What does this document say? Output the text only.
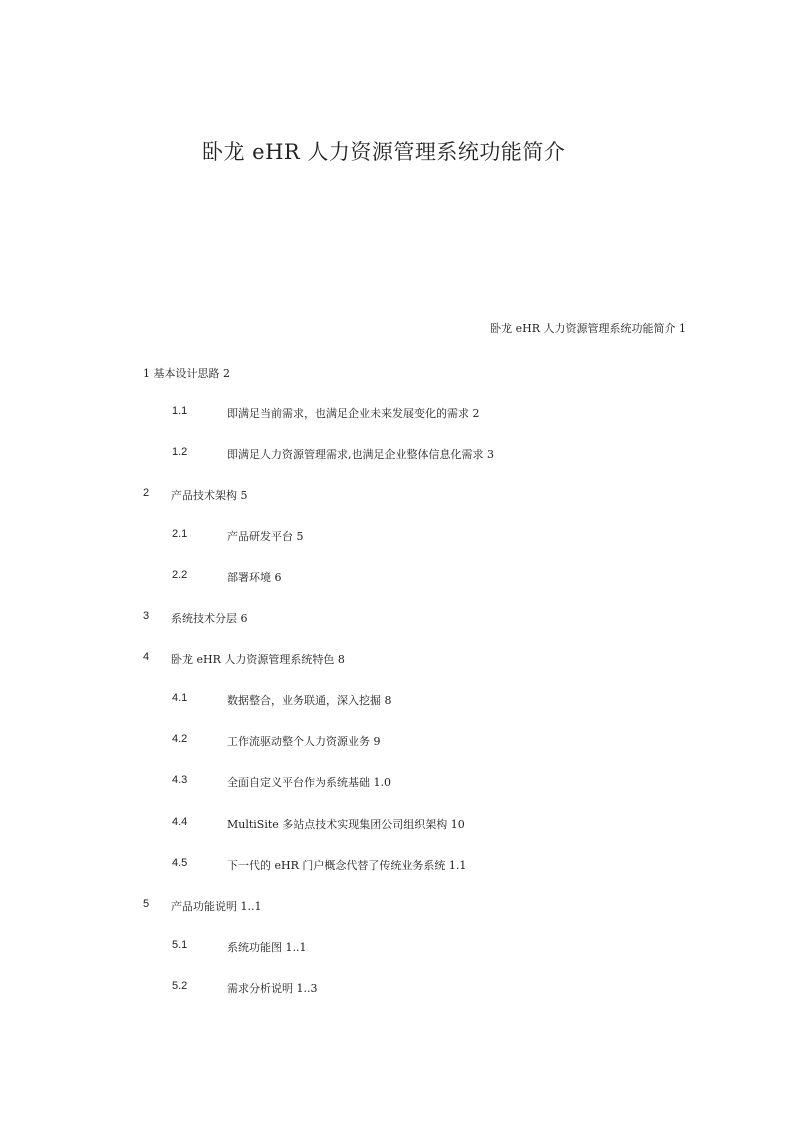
卧龙 eHR 人力资源管理系统功能简介
卧龙 eHR 人力资源管理系统功能简介 1
1 基本设计思路 2
1.1	即满足当前需求，也满足企业未来发展变化的需求 2
1.2	即满足人力资源管理需求,也满足企业整体信息化需求 3
2 产品技术架构 5
2.1	产品研发平台 5
2.2	部署环境 6
3 系统技术分层 6
4 卧龙 eHR 人力资源管理系统特色 8
4.1	数据整合，业务联通，深入挖掘 8
4.2	工作流驱动整个人力资源业务 9
4.3	全面自定义平台作为系统基础 1.0
4.4	MultiSite 多站点技术实现集团公司组织架构 10
4.5	下一代的 eHR 门户概念代替了传统业务系统 1.1
5 产品功能说明 1..1
5.1	系统功能图 1..1
5.2	需求分析说明 1..3
